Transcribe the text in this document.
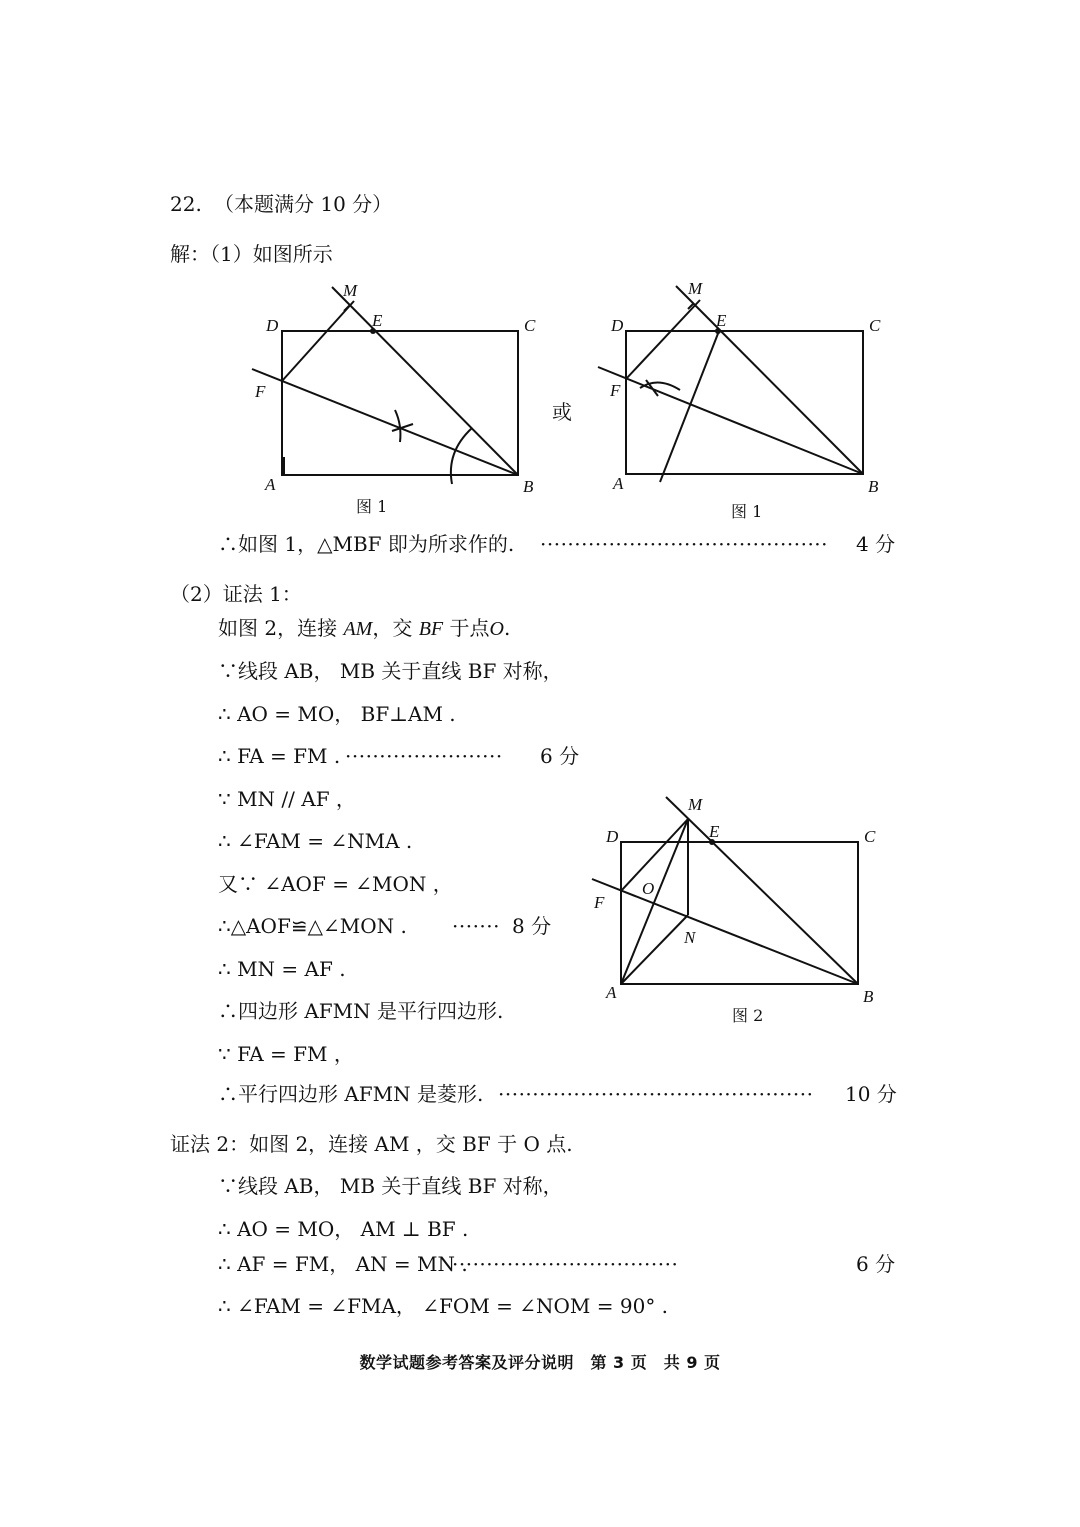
22. （本题满分 10 分）
解：（1）如图所示
M
E
D	C
F
A	B
图 1
或
M
E
D	C
F
A	B
图 1
∴如图 1，△MBF 即为所求作的. ·········································· 4 分
（2）证法 1：
如图 2，连接 AM，交 BF 于点O.
∵线段 AB， MB 关于直线 BF 对称，
∴ AO = MO， BF⊥AM .
∴ FA = FM . ······················· 6 分
∵ MN // AF ，
∴ ∠FAM = ∠NMA .
又∵ ∠AOF = ∠MON ，
∴△AOF≌△∠MON . ······· 8 分
∴ MN = AF .
∴四边形 AFMN 是平行四边形.
∵ FA = FM ，
∴平行四边形 AFMN 是菱形. ·············································· 10 分
M
E
D	C
O
F
N
A	B
图 2
证法 2：如图 2，连接 AM ，交 BF 于 O 点.
∵线段 AB， MB 关于直线 BF 对称，
∴ AO = MO， AM ⊥ BF .
∴ AF = FM， AN = MN .
·································	6 分
∴ ∠FAM = ∠FMA， ∠FOM = ∠NOM = 90° .
数学试题参考答案及评分说明　第 3 页　共 9 页
